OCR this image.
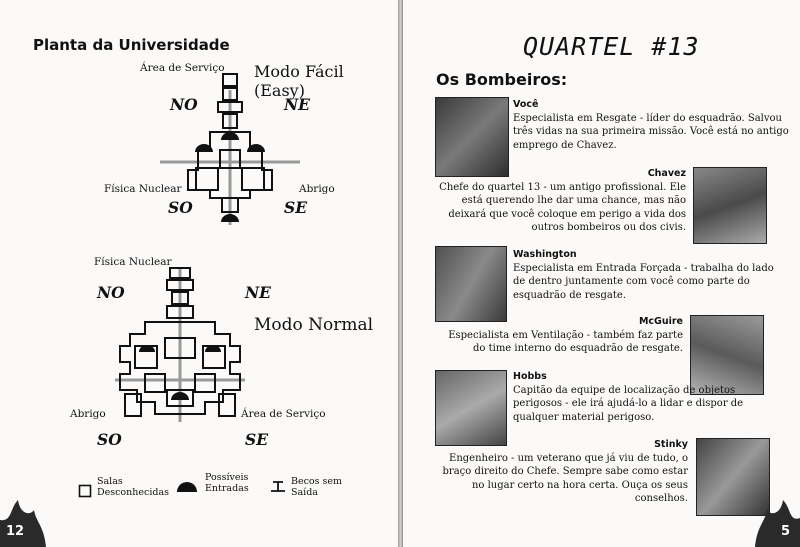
Planta da Universidade
Área de Serviço Modo Fácil (Easy)
NO	NE
Física Nuclear	Abrigo
SO	SE
Física Nuclear
NO	NE
Modo Normal
Abrigo	Área de Serviço
SO	SE
Salas
Desconhecidas
Possíveis
Entradas
Becos sem
Saída
12
QUARTEL #13
Os Bombeiros:
Você
Especialista em Resgate - líder do esquadrão. Salvou três vidas na sua primeira missão. Você está no antigo emprego de Chavez.
Chavez
Chefe do quartel 13 - um antigo profissional. Ele está querendo lhe dar uma chance, mas não deixará que você coloque em perigo a vida dos outros bombeiros ou dos civis.
Washington
Especialista em Entrada Forçada - trabalha do lado de dentro juntamente com você como parte do esquadrão de resgate.
McGuire
Especialista em Ventilação - também faz parte do time interno do esquadrão de resgate.
Hobbs
Capitão da equipe de localização de objetos perigosos - ele irá ajudá-lo a lidar e dispor de qualquer material perigoso.
Stinky
Engenheiro - um veterano que já viu de tudo, o braço direito do Chefe. Sempre sabe como estar no lugar certo na hora certa. Ouça os seus conselhos.
5
